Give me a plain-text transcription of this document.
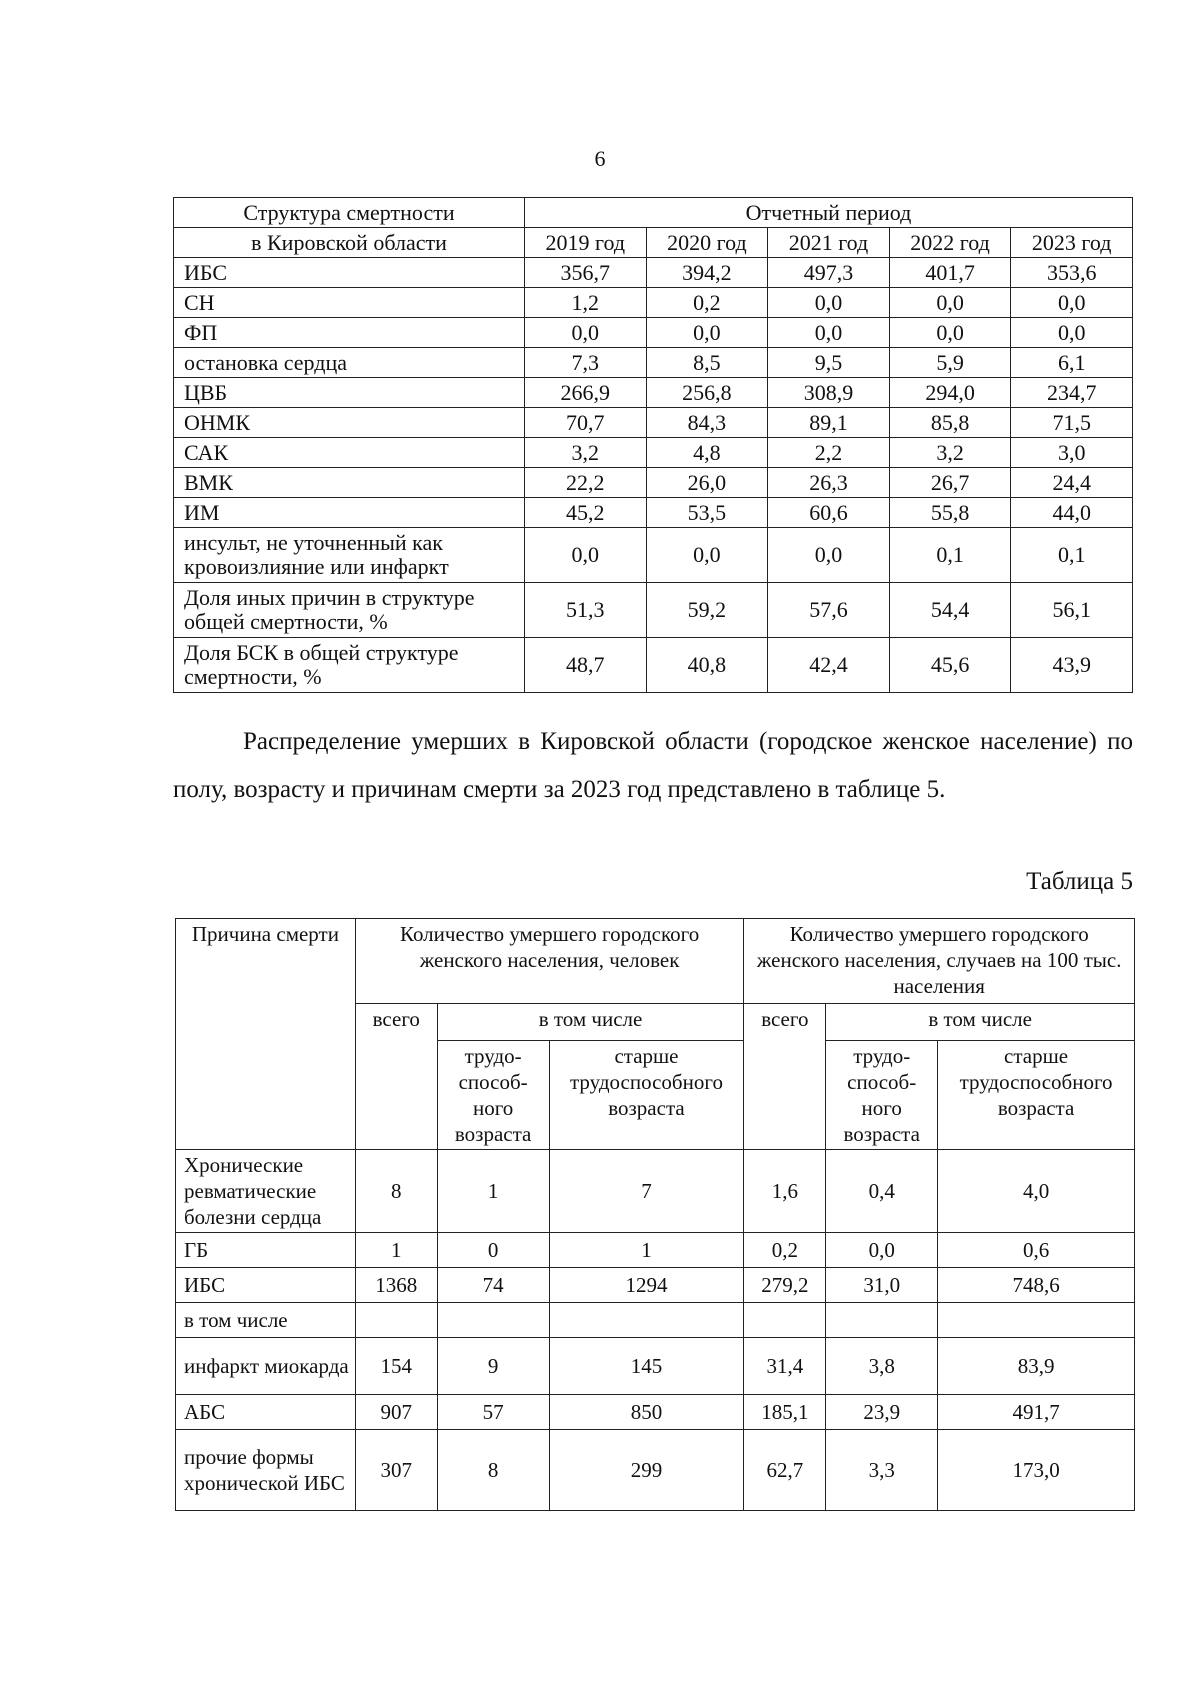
6
Структура смертности	Отчетный период				
в Кировской области	2019 год	2020 год	2021 год	2022 год	2023 год
ИБС	356,7	394,2	497,3	401,7	353,6
СН	1,2	0,2	0,0	0,0	0,0
ФП	0,0	0,0	0,0	0,0	0,0
остановка сердца	7,3	8,5	9,5	5,9	6,1
ЦВБ	266,9	256,8	308,9	294,0	234,7
ОНМК	70,7	84,3	89,1	85,8	71,5
САК	3,2	4,8	2,2	3,2	3,0
ВМК	22,2	26,0	26,3	26,7	24,4
ИМ	45,2	53,5	60,6	55,8	44,0
инсульт, не уточненный как кровоизлияние или инфаркт	0,0	0,0	0,0	0,1	0,1
Доля иных причин в структуре общей смертности, %	51,3	59,2	57,6	54,4	56,1
Доля БСК в общей структуре смертности, %	48,7	40,8	42,4	45,6	43,9
Распределение умерших в Кировской области (городское женское население) по полу, возрасту и причинам смерти за 2023 год представлено в таблице 5.
Таблица 5
Причина смерти	Количество умершего городского женского населения, человек			Количество умершего городского женского населения, случаев на 100 тыс. населения		
	всего	в том числе		всего	в том числе	
		трудо-способ-ного возраста	старше трудоспособного возраста		трудо-способ-ного возраста	старше трудоспособного возраста
Хронические ревматические болезни сердца	8	1	7	1,6	0,4	4,0
ГБ	1	0	1	0,2	0,0	0,6
ИБС	1368	74	1294	279,2	31,0	748,6
в том числе						
инфаркт миокарда	154	9	145	31,4	3,8	83,9
АБС	907	57	850	185,1	23,9	491,7
прочие формы хронической ИБС	307	8	299	62,7	3,3	173,0
